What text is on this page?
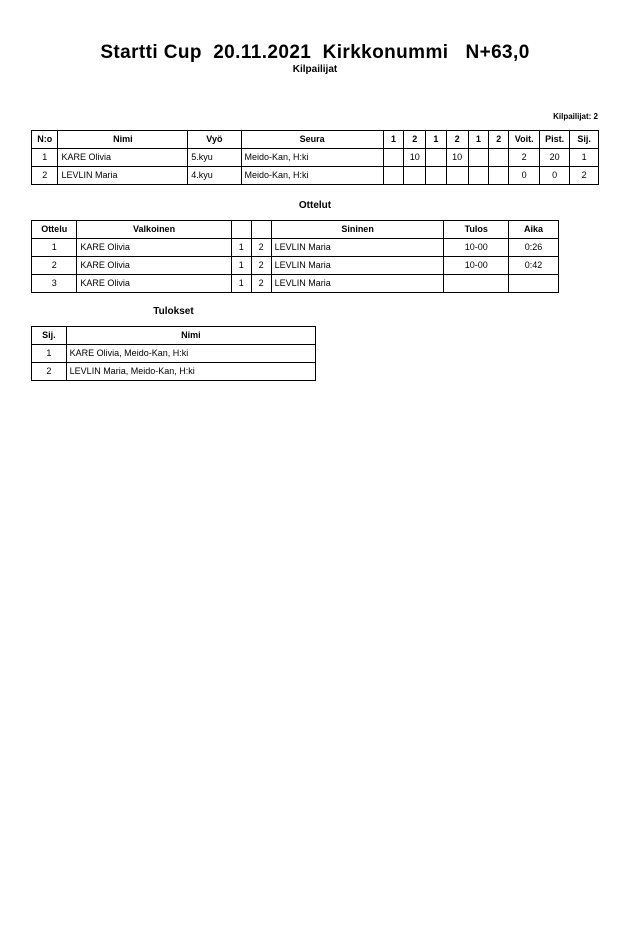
Startti Cup  20.11.2021  Kirkkonummi   N+63,0
Kilpailijat
Kilpailijat: 2
N:o	Nimi	Vyö	Seura	1	2	1	2	1	2	Voit.	Pist.	Sij.
1	KARE Olivia	5.kyu	Meido-Kan, H:ki		10		10			2	20	1
2	LEVLIN Maria	4.kyu	Meido-Kan, H:ki							0	0	2
Ottelut
Ottelu	Valkoinen			Sininen	Tulos	Aika
1	KARE Olivia	1	2	LEVLIN Maria	10-00	0:26
2	KARE Olivia	1	2	LEVLIN Maria	10-00	0:42
3	KARE Olivia	1	2	LEVLIN Maria		
Tulokset
Sij.	Nimi
1	KARE Olivia, Meido-Kan, H:ki
2	LEVLIN Maria, Meido-Kan, H:ki
